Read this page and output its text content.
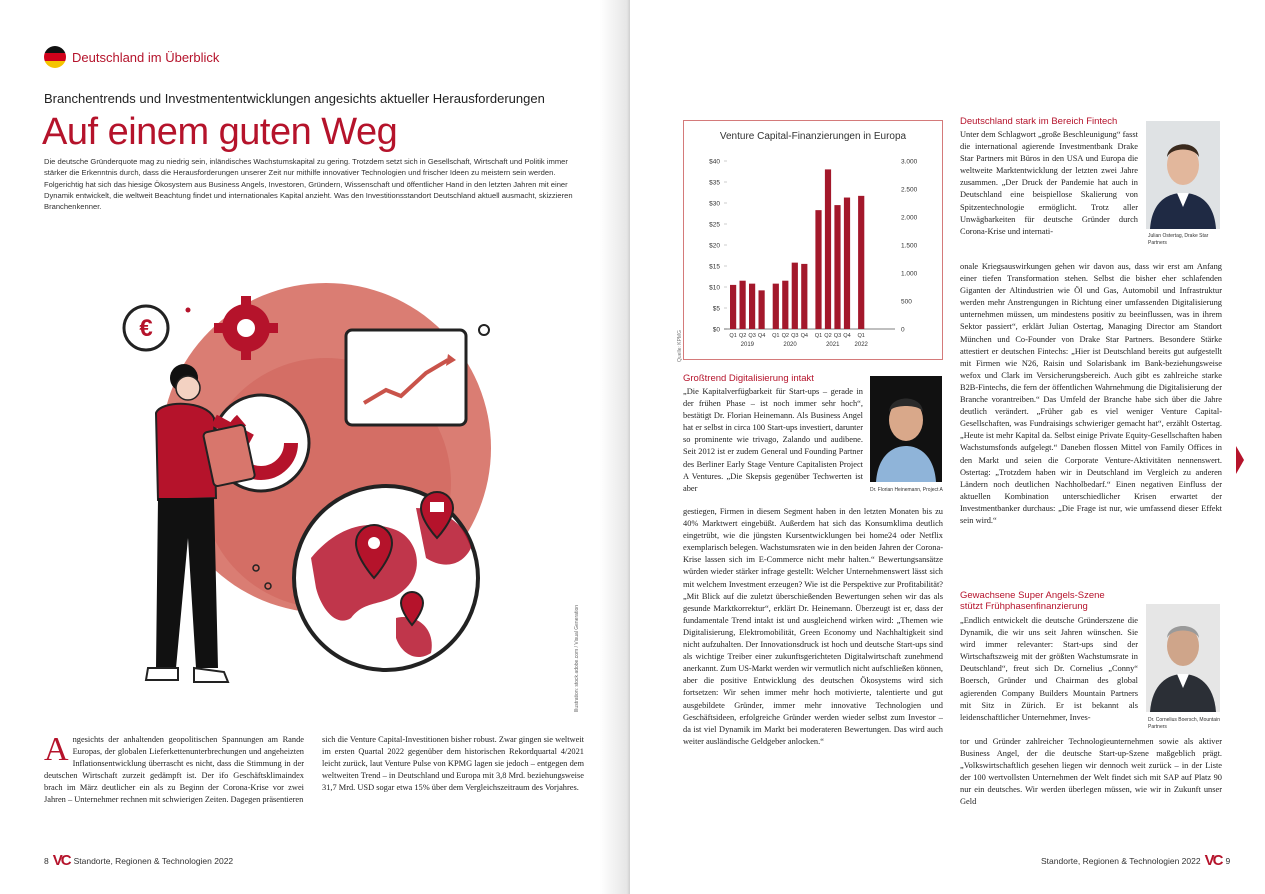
Deutschland im Überblick
Branchentrends und Investmententwicklungen angesichts aktueller Herausforderungen
Auf einem guten Weg
Die deutsche Gründerquote mag zu niedrig sein, inländisches Wachstumskapital zu gering. Trotzdem setzt sich in Gesellschaft, Wirtschaft und Politik immer stärker die Erkenntnis durch, dass die Herausforderungen unserer Zeit nur mithilfe innovativer Technologien und frischer Ideen zu meistern sein werden. Folgerichtig hat sich das hiesige Ökosystem aus Business Angels, Investoren, Gründern, Wissenschaft und öffentlicher Hand in den letzten Jahren mit einer Dynamik entwickelt, die weltweit Beachtung findet und internationales Kapital anzieht. Was den Investitionsstandort Deutschland aktuell ausmacht, skizzieren Branchenkenner.
€
Illustration: stock.adobe.com / Visual Generation
Angesichts der anhaltenden geopolitischen Spannungen am Rande Europas, der globalen Lieferkettenunterbrechungen und angeheizten Inflationsentwicklung überrascht es nicht, dass die Stimmung in der deutschen Wirtschaft zurzeit gedämpft ist. Der ifo Geschäftsklimaindex brach im März deutlicher ein als zu Beginn der Corona-Krise vor zwei Jahren – Unternehmer rechnen mit schwierigen Zeiten. Dagegen präsentieren
sich die Venture Capital-Investitionen bisher robust. Zwar gingen sie weltweit im ersten Quartal 2022 gegenüber dem historischen Rekordquartal 4/2021 leicht zurück, laut Venture Pulse von KPMG lagen sie jedoch – entgegen dem weltweiten Trend – in Deutschland und Europa mit 3,8 Mrd. beziehungsweise 31,7 Mrd. USD sogar etwa 15% über dem Vergleichszeitraum des Vorjahres.
8 VC Standorte, Regionen & Technologien 2022
Venture Capital-Finanzierungen in Europa
$0
$5
$10
$15
$20
$25
$30
$35
$40
0
500
1.000
1.500
2.000
2.500
3.000
Q1 Q2 Q3 Q4 Q1 Q2 Q3 Q4 Q1 Q2 Q3 Q4 Q1
2019	2020	2021	2022
Quelle: KPMG
Großtrend Digitalisierung intakt
„Die Kapitalverfügbarkeit für Start-ups – gerade in der frühen Phase – ist noch immer sehr hoch“, bestätigt Dr. Florian Heinemann. Als Business Angel hat er selbst in circa 100 Start-ups investiert, darunter so prominente wie trivago, Zalando und audibene. Seit 2012 ist er zudem General und Founding Partner des Berliner Early Stage Venture Capitalisten Project A Ventures. „Die Skepsis gegenüber Techwerten ist aber	Dr. Florian Heinemann, Project A
gestiegen, Firmen in diesem Segment haben in den letzten Monaten bis zu 40% Marktwert eingebüßt. Außerdem hat sich das Konsumklima deutlich eingetrübt, wie die jüngsten Kursentwicklungen bei home24 oder Netflix exemplarisch belegen. Wachstumsraten wie in den beiden Jahren der Corona-Krise lassen sich im E-Commerce nicht mehr halten.“ Bewertungsansätze würden wieder stärker infrage gestellt: Welcher Unternehmenswert lässt sich mit welchem Investment erzeugen? Wie ist die Perspektive zur Profitabilität? „Mit Blick auf die zuletzt überschießenden Bewertungen sehen wir das als gesunde Marktkorrektur“, erklärt Dr. Heinemann. Überzeugt ist er, dass der fundamentale Trend intakt ist und ausgleichend wirken wird: „Themen wie Digitalisierung, Elektromobilität, Green Economy und Nachhaltigkeit sind nicht aufzuhalten. Der Innovationsdruck ist hoch und deutsche Start-ups sind als wichtige Treiber einer zukunftsgerichteten Digitalwirtschaft zunehmend anerkannt. Zum US-Markt werden wir vermutlich nicht aufschließen können, aber die positive Entwicklung des deutschen Ökosystems wird sich fortsetzen: Wir sehen immer mehr hoch motivierte, talentierte und gut ausgebildete Gründer, immer mehr innovative Technologien und Geschäftsideen, erfolgreiche Gründer werden wieder selbst zum Investor – da ist viel Dynamik im Markt bei moderateren Bewertungen. Das wird auch weiter ausländische Geldgeber anlocken.“
Deutschland stark im Bereich Fintech
Unter dem Schlagwort „große Beschleunigung“ fasst die international agierende Investmentbank Drake Star Partners mit Büros in den USA und Europa die weltweite Marktentwicklung der letzten zwei Jahre zusammen. „Der Druck der Pandemie hat auch in Deutschland eine beispiellose Skalierung von Spitzentechnologie ermöglicht. Trotz aller Unwägbarkeiten für deutsche Gründer durch Corona-Krise und internati-
Julian Ostertag, Drake Star Partners
onale Kriegsauswirkungen gehen wir davon aus, dass wir erst am Anfang einer tiefen Transformation stehen. Selbst die bisher eher schlafenden Giganten der Altindustrien wie Öl und Gas, Automobil und Infrastruktur werden mehr Anstrengungen in Richtung einer umfassenden Digitalisierung unternehmen müssen, um mindestens positiv zu beeinflussen, was in ihrem Sektor passiert“, erklärt Julian Ostertag, Managing Director am Standort München und Co-Founder von Drake Star Partners. Besondere Stärke attestiert er deutschen Fintechs: „Hier ist Deutschland bereits gut aufgestellt mit Firmen wie N26, Raisin und Solarisbank im Bank-beziehungsweise wefox und Clark im Versicherungsbereich. Auch gibt es zahlreiche starke B2B-Fintechs, die fern der öffentlichen Wahrnehmung die Digitalisierung der Branche vorantreiben.“ Das Umfeld der Branche habe sich über die Jahre deutlich verändert. „Früher gab es viel weniger Venture Capital-Gesellschaften, was Fundraisings schwieriger gemacht hat“, erzählt Ostertag. „Heute ist mehr Kapital da. Selbst einige Private Equity-Gesellschaften haben Wachstumsfonds aufgelegt.“ Daneben flossen Mittel von Family Offices in den Markt und seien die Corporate Venture-Aktivitäten nennenswert. Ostertag: „Trotzdem haben wir in Deutschland im Vergleich zu anderen Ländern noch deutlichen Nachholbedarf.“ Einen negativen Einfluss der aktuellen Kombination unterschiedlicher Krisen erwartet der Investmentbanker durchaus: „Die Frage ist nur, wie umfassend dieser Effekt sein wird.“
Gewachsene Super Angels-Szene
stützt Frühphasenfinanzierung
„Endlich entwickelt die deutsche Gründerszene die Dynamik, die wir uns seit Jahren wünschen. Sie wird immer relevanter: Start-ups sind der Wirtschaftszweig mit der größten Wachstumsrate in Deutschland“, freut sich Dr. Cornelius „Conny“ Boersch, Gründer und Chairman des global agierenden Company Builders Mountain Partners mit Sitz in Zürich. Er ist bekannt als leidenschaftlicher Unternehmer, Inves-	Dr. Cornelius Boersch, Mountain Partners
tor und Gründer zahlreicher Technologieunternehmen sowie als aktiver Business Angel, der die deutsche Start-up-Szene maßgeblich prägt. „Volkswirtschaftlich gesehen liegen wir dennoch weit zurück – in der Liste der 100 wertvollsten Unternehmen der Welt findet sich mit SAP auf Platz 90 nur ein deutsches. Wir werden überlegen müssen, wie wir in Zukunft unser Geld
Standorte, Regionen & Technologien 2022 VC 9
